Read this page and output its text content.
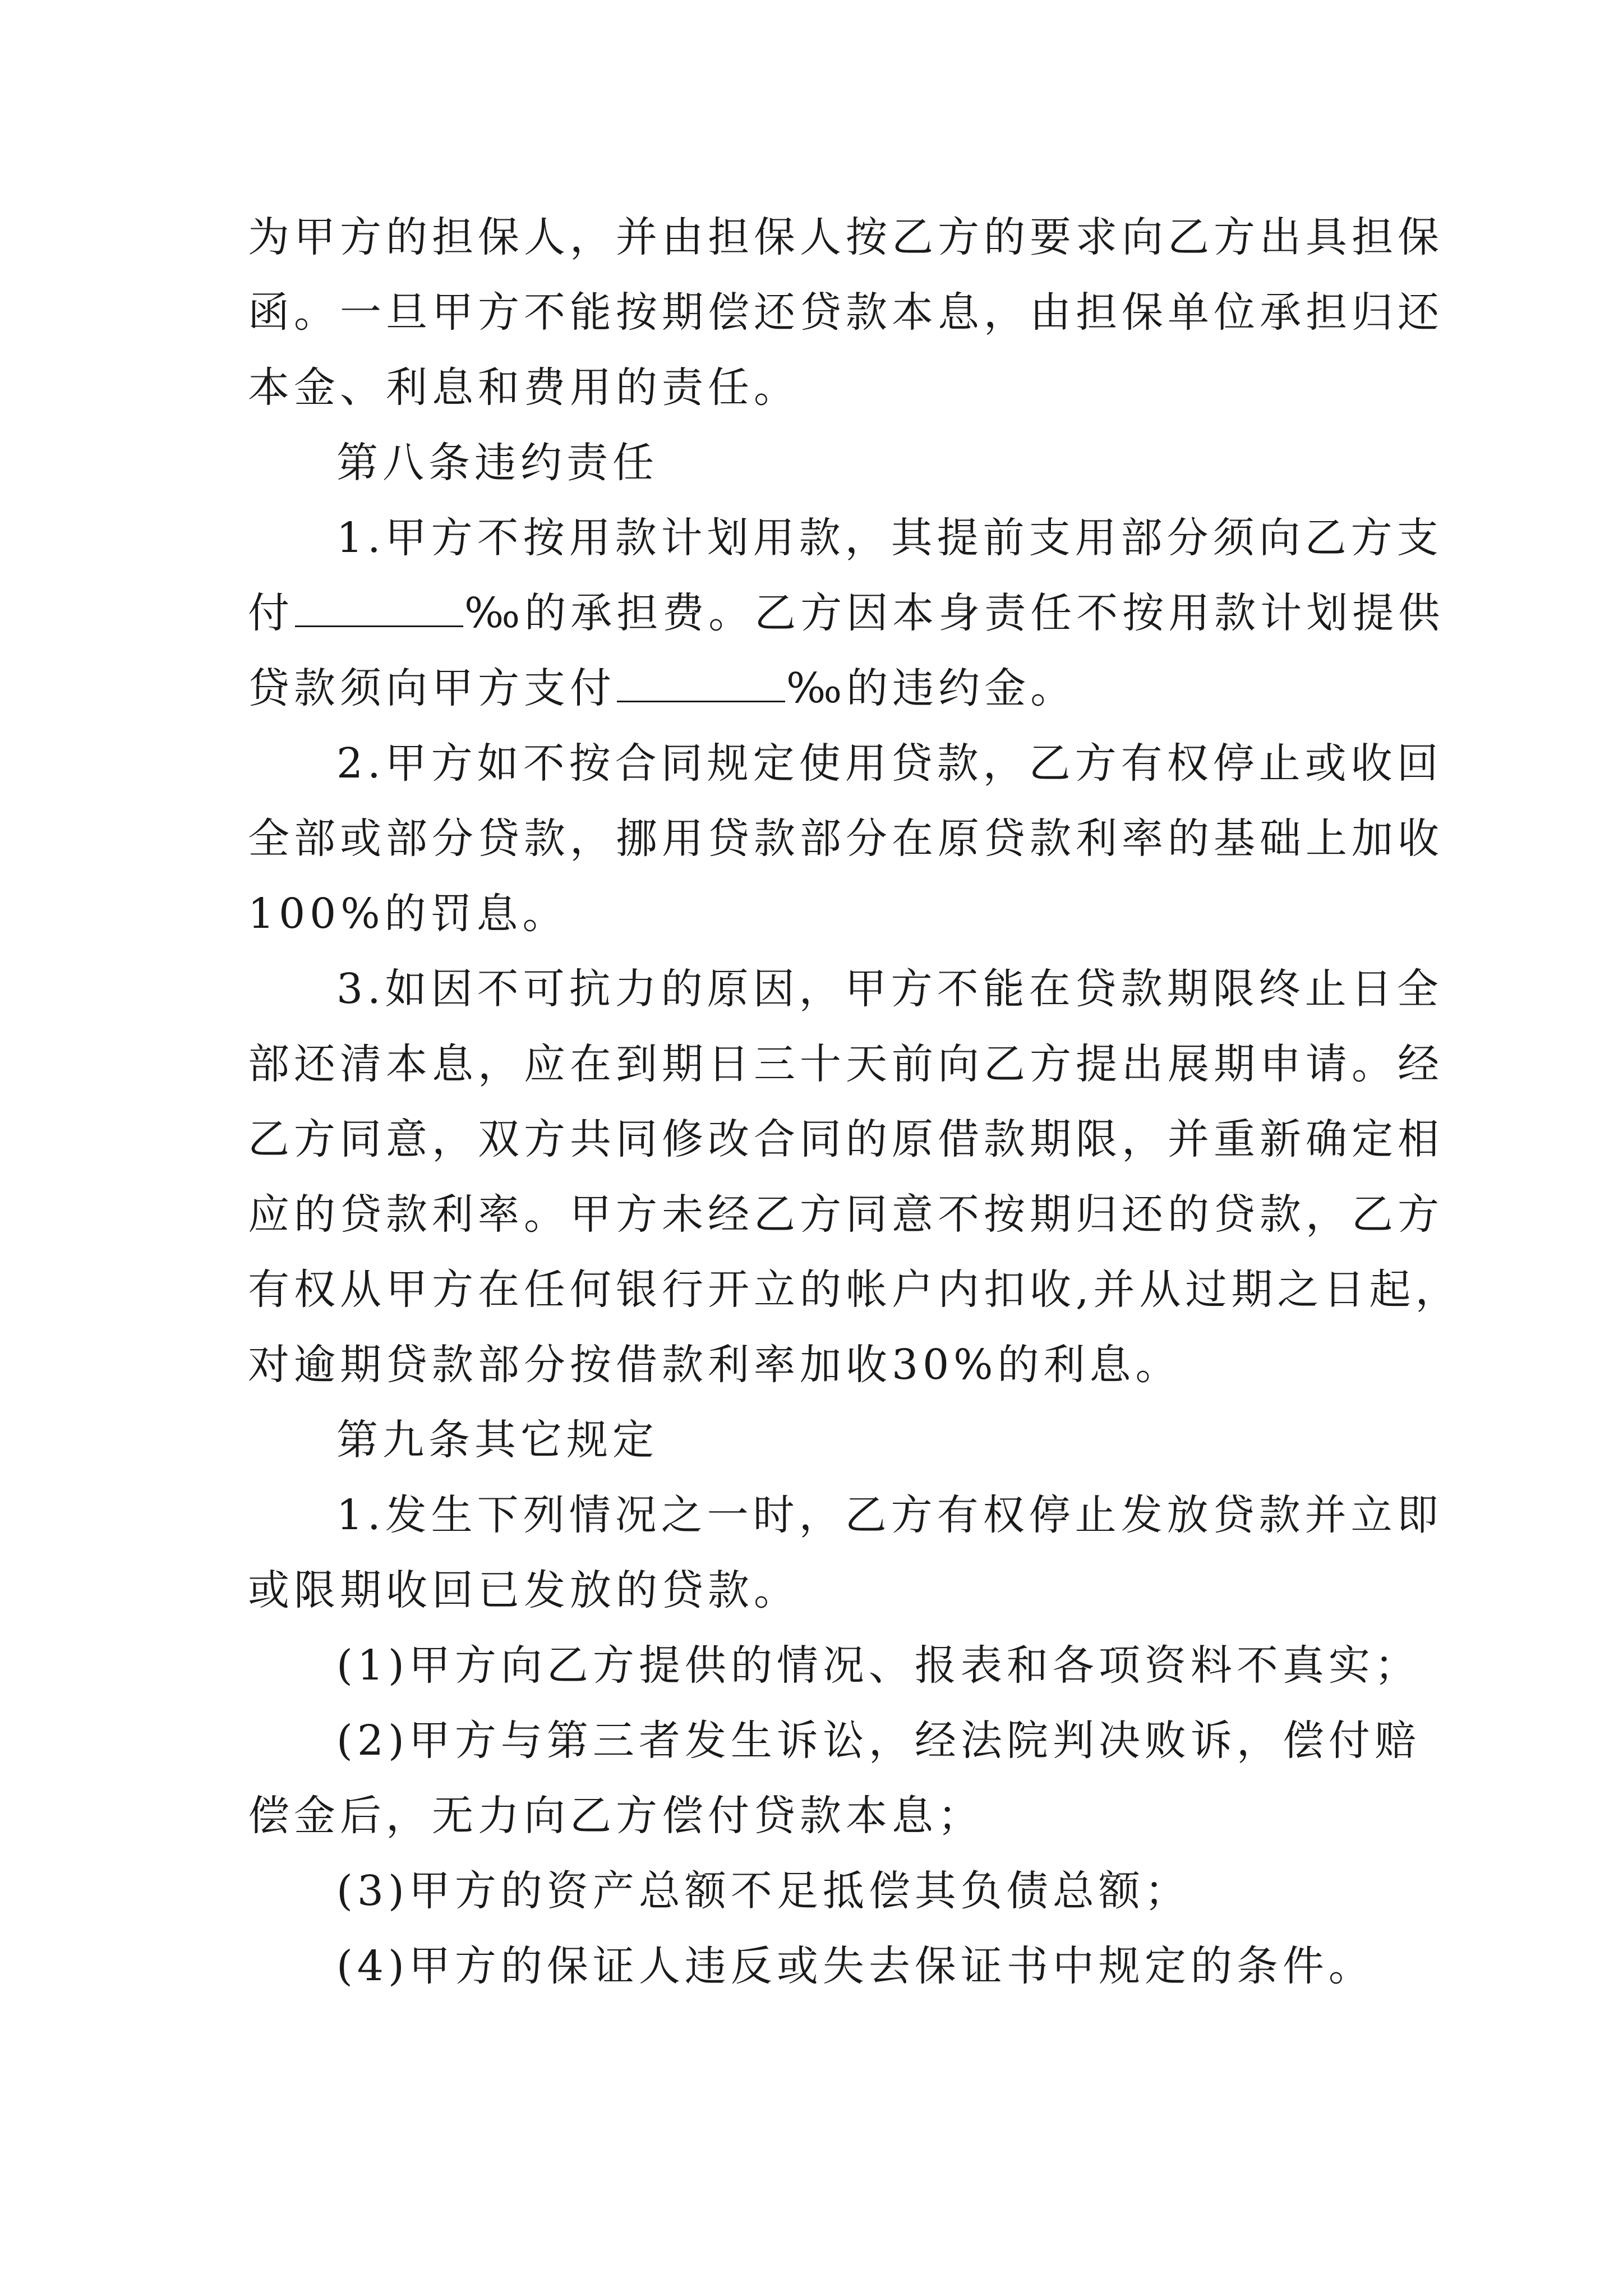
为甲方的担保人，并由担保人按乙方的要求向乙方出具担保
函。一旦甲方不能按期偿还贷款本息，由担保单位承担归还
本金、利息和费用的责任。
第八条违约责任
1.甲方不按用款计划用款，其提前支用部分须向乙方支
付	‰的承担费。乙方因本身责任不按用款计划提供
贷款须向甲方支付	‰的违约金。
2.甲方如不按合同规定使用贷款，乙方有权停止或收回
全部或部分贷款，挪用贷款部分在原贷款利率的基础上加收
100%的罚息。
3.如因不可抗力的原因，甲方不能在贷款期限终止日全
部还清本息，应在到期日三十天前向乙方提出展期申请。经
乙方同意，双方共同修改合同的原借款期限，并重新确定相
应的贷款利率。甲方未经乙方同意不按期归还的贷款，乙方
有权从甲方在任何银行开立的帐户内扣收,并从过期之日起，
对逾期贷款部分按借款利率加收30%的利息。
第九条其它规定
1.发生下列情况之一时，乙方有权停止发放贷款并立即
或限期收回已发放的贷款。
(1)甲方向乙方提供的情况、报表和各项资料不真实；
(2)甲方与第三者发生诉讼，经法院判决败诉，偿付赔
偿金后，无力向乙方偿付贷款本息；
(3)甲方的资产总额不足抵偿其负债总额；
(4)甲方的保证人违反或失去保证书中规定的条件。
